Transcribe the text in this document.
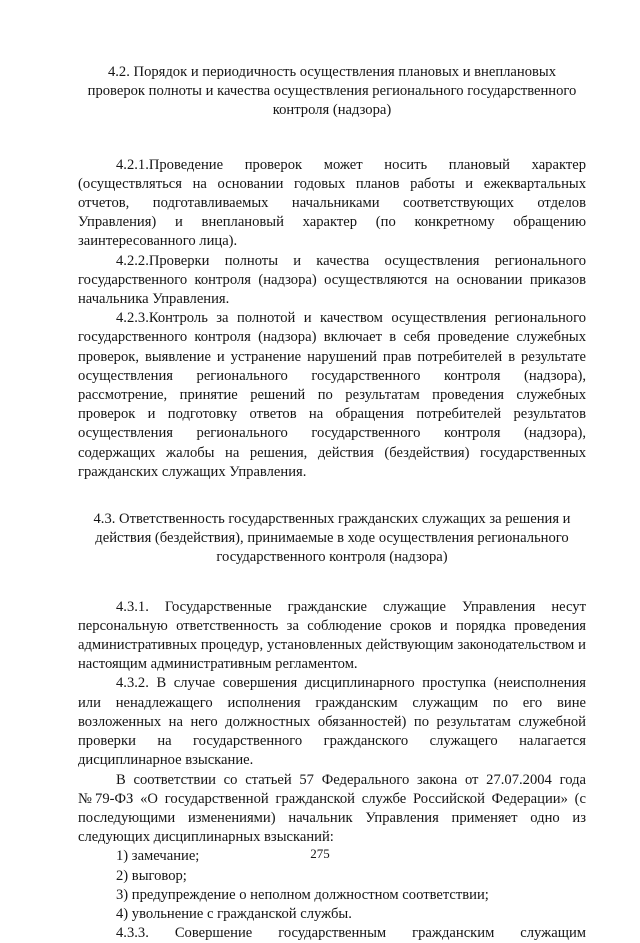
4.2. Порядок и периодичность осуществления плановых и внеплановых проверок полноты и качества осуществления регионального государственного контроля (надзора)

4.2.1.Проведение проверок может носить плановый характер (осуществляться на основании годовых планов работы и ежеквартальных отчетов, подготавливаемых начальниками соответствующих отделов Управления) и внеплановый характер (по конкретному обращению заинтересованного лица).

4.2.2.Проверки полноты и качества осуществления регионального государственного контроля (надзора) осуществляются на основании приказов начальника Управления.

4.2.3.Контроль за полнотой и качеством осуществления регионального государственного контроля (надзора) включает в себя проведение служебных проверок, выявление и устранение нарушений прав потребителей в результате осуществления регионального государственного контроля (надзора), рассмотрение, принятие решений по результатам проведения служебных проверок и подготовку ответов на обращения потребителей результатов осуществления регионального государственного контроля (надзора), содержащих жалобы на решения, действия (бездействия) государственных гражданских служащих Управления.

4.3. Ответственность государственных гражданских служащих за решения и действия (бездействия), принимаемые в ходе осуществления регионального государственного контроля (надзора)

4.3.1. Государственные гражданские служащие Управления несут персональную ответственность за соблюдение сроков и порядка проведения административных процедур, установленных действующим законодательством и настоящим административным регламентом.

4.3.2. В случае совершения дисциплинарного проступка (неисполнения или ненадлежащего исполнения гражданским служащим по его вине возложенных на него должностных обязанностей) по результатам служебной проверки на государственного гражданского служащего налагается дисциплинарное взыскание.

В соответствии со статьей 57 Федерального закона от 27.07.2004 года №79-ФЗ «О государственной гражданской службе Российской Федерации» (с последующими изменениями) начальник Управления применяет одно из следующих дисциплинарных взысканий:

1) замечание;

2) выговор;

3) предупреждение о неполном должностном соответствии;

4) увольнение с гражданской службы.

4.3.3. Совершение государственным гражданским служащим

275
